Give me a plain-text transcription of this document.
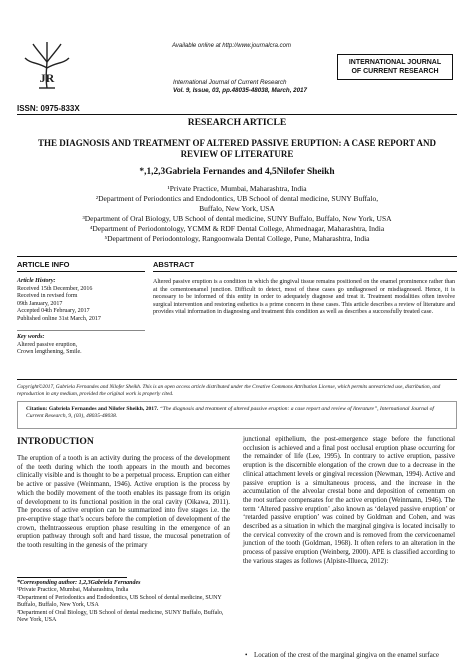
JR
Available online at http://www.journalcra.com
INTERNATIONAL JOURNAL
OF CURRENT RESEARCH
International Journal of Current Research
Vol. 9, Issue, 03, pp.48035-48038, March, 2017
ISSN: 0975-833X
RESEARCH ARTICLE
THE DIAGNOSIS AND TREATMENT OF ALTERED PASSIVE ERUPTION: A CASE REPORT AND
REVIEW OF LITERATURE
*,1,2,3Gabriela Fernandes and 4,5Nilofer Sheikh
¹Private Practice, Mumbai, Maharashtra, India
²Department of Periodontics and Endodontics, UB School of dental medicine, SUNY Buffalo,
Buffalo, New York, USA
³Department of Oral Biology, UB School of dental medicine, SUNY Buffalo, Buffalo, New York, USA
⁴Department of Periodontology, YCMM & RDF Dental College, Ahmednagar, Maharashtra, India
⁵Department of Periodontology, Rangoonwala Dental College, Pune, Maharashtra, India
ARTICLE INFO	ABSTRACT
Article History:
Received 15th December, 2016
Received in revised form
09th January, 2017
Accepted 04th February, 2017
Published online 31st March, 2017
Key words:
Altered passive eruption,
Crown lengthening, Smile.
Altered passive eruption is a condition in which the gingival tissue remains positioned on the enamel prominence rather than at the cementoenamel junction. Difficult to detect, most of these cases go undiagnosed or misdiagnosed. Hence, it is necessary to be informed of this entity in order to adequately diagnose and treat it. Treatment modalities often involve surgical intervention and restoring esthetics is a prime concern in these cases. This article describes a review of literature and provides vital information in diagnosing and treatment this condition as well as describes a successfully treated case.
Copyright©2017, Gabriela Fernandes and Nilofer Sheikh. This is an open access article distributed under the Creative Commons Attribution License, which permits unrestricted use, distribution, and reproduction in any medium, provided the original work is properly cited.
Citation: Gabriela Fernandes and Nilofer Sheikh, 2017. “The diagnosis and treatment of altered passive eruption: a case report and review of literature”, International Journal of Current Research, 9, (03), 48035-48038.
INTRODUCTION
The eruption of a tooth is an activity during the process of the development of the teeth during which the tooth appears in the mouth and becomes clinically visible and is thought to be a perpetual process. Eruption can either be active or passive (Weinmann, 1946). Active eruption is the process by which the bodily movement of the tooth enables its passage from its origin of development to its functional position in the oral cavity (Oikawa, 2011). The process of active eruption can be summarized into five stages i.e. the pre-eruptive stage that’s occurs before the completion of development of the crown, theIntraosseous eruption phase resulting in the emergence of an eruption pathway through soft and hard tissue, the mucosal penetration of the tooth resulting in the genesis of the primary
*Corresponding author: 1,2,3Gabriela Fernandes
¹Private Practice, Mumbai, Maharashtra, India
²Department of Periodontics and Endodontics, UB School of dental medicine, SUNY Buffalo, Buffalo, New York, USA
³Department of Oral Biology, UB School of dental medicine, SUNY Buffalo, Buffalo, New York, USA
junctional epithelium, the post-emergence stage before the functional occlusion is achieved and a final post occlusal eruption phase occurring for the remainder of life (Lee, 1995). In contrary to active eruption, passive eruption is the discernible elongation of the crown due to a decrease in the clinical attachment levels or gingival recession (Newman, 1994). Active and passive eruption is a simultaneous process, and the increase in the accumulation of the alveolar crestal bone and deposition of cementum on the root surface compensates for the active eruption (Weinmann, 1946). The term ‘Altered passive eruption’ ,also known as ‘delayed passive eruption’ or ‘retarded passive eruption’ was coined by Goldman and Cohen, and was described as a situation in which the marginal gingiva is located incisally to the cervical convexity of the crown and is removed from the cervicoenamel junction of the tooth (Goldman, 1968). It often refers to an alteration in the process of passive eruption (Weinberg, 2000). APE is classified according to the various stages as follows (Alpiste-Illueca, 2012):
• Location of the crest of the marginal gingiva on the enamel surface
